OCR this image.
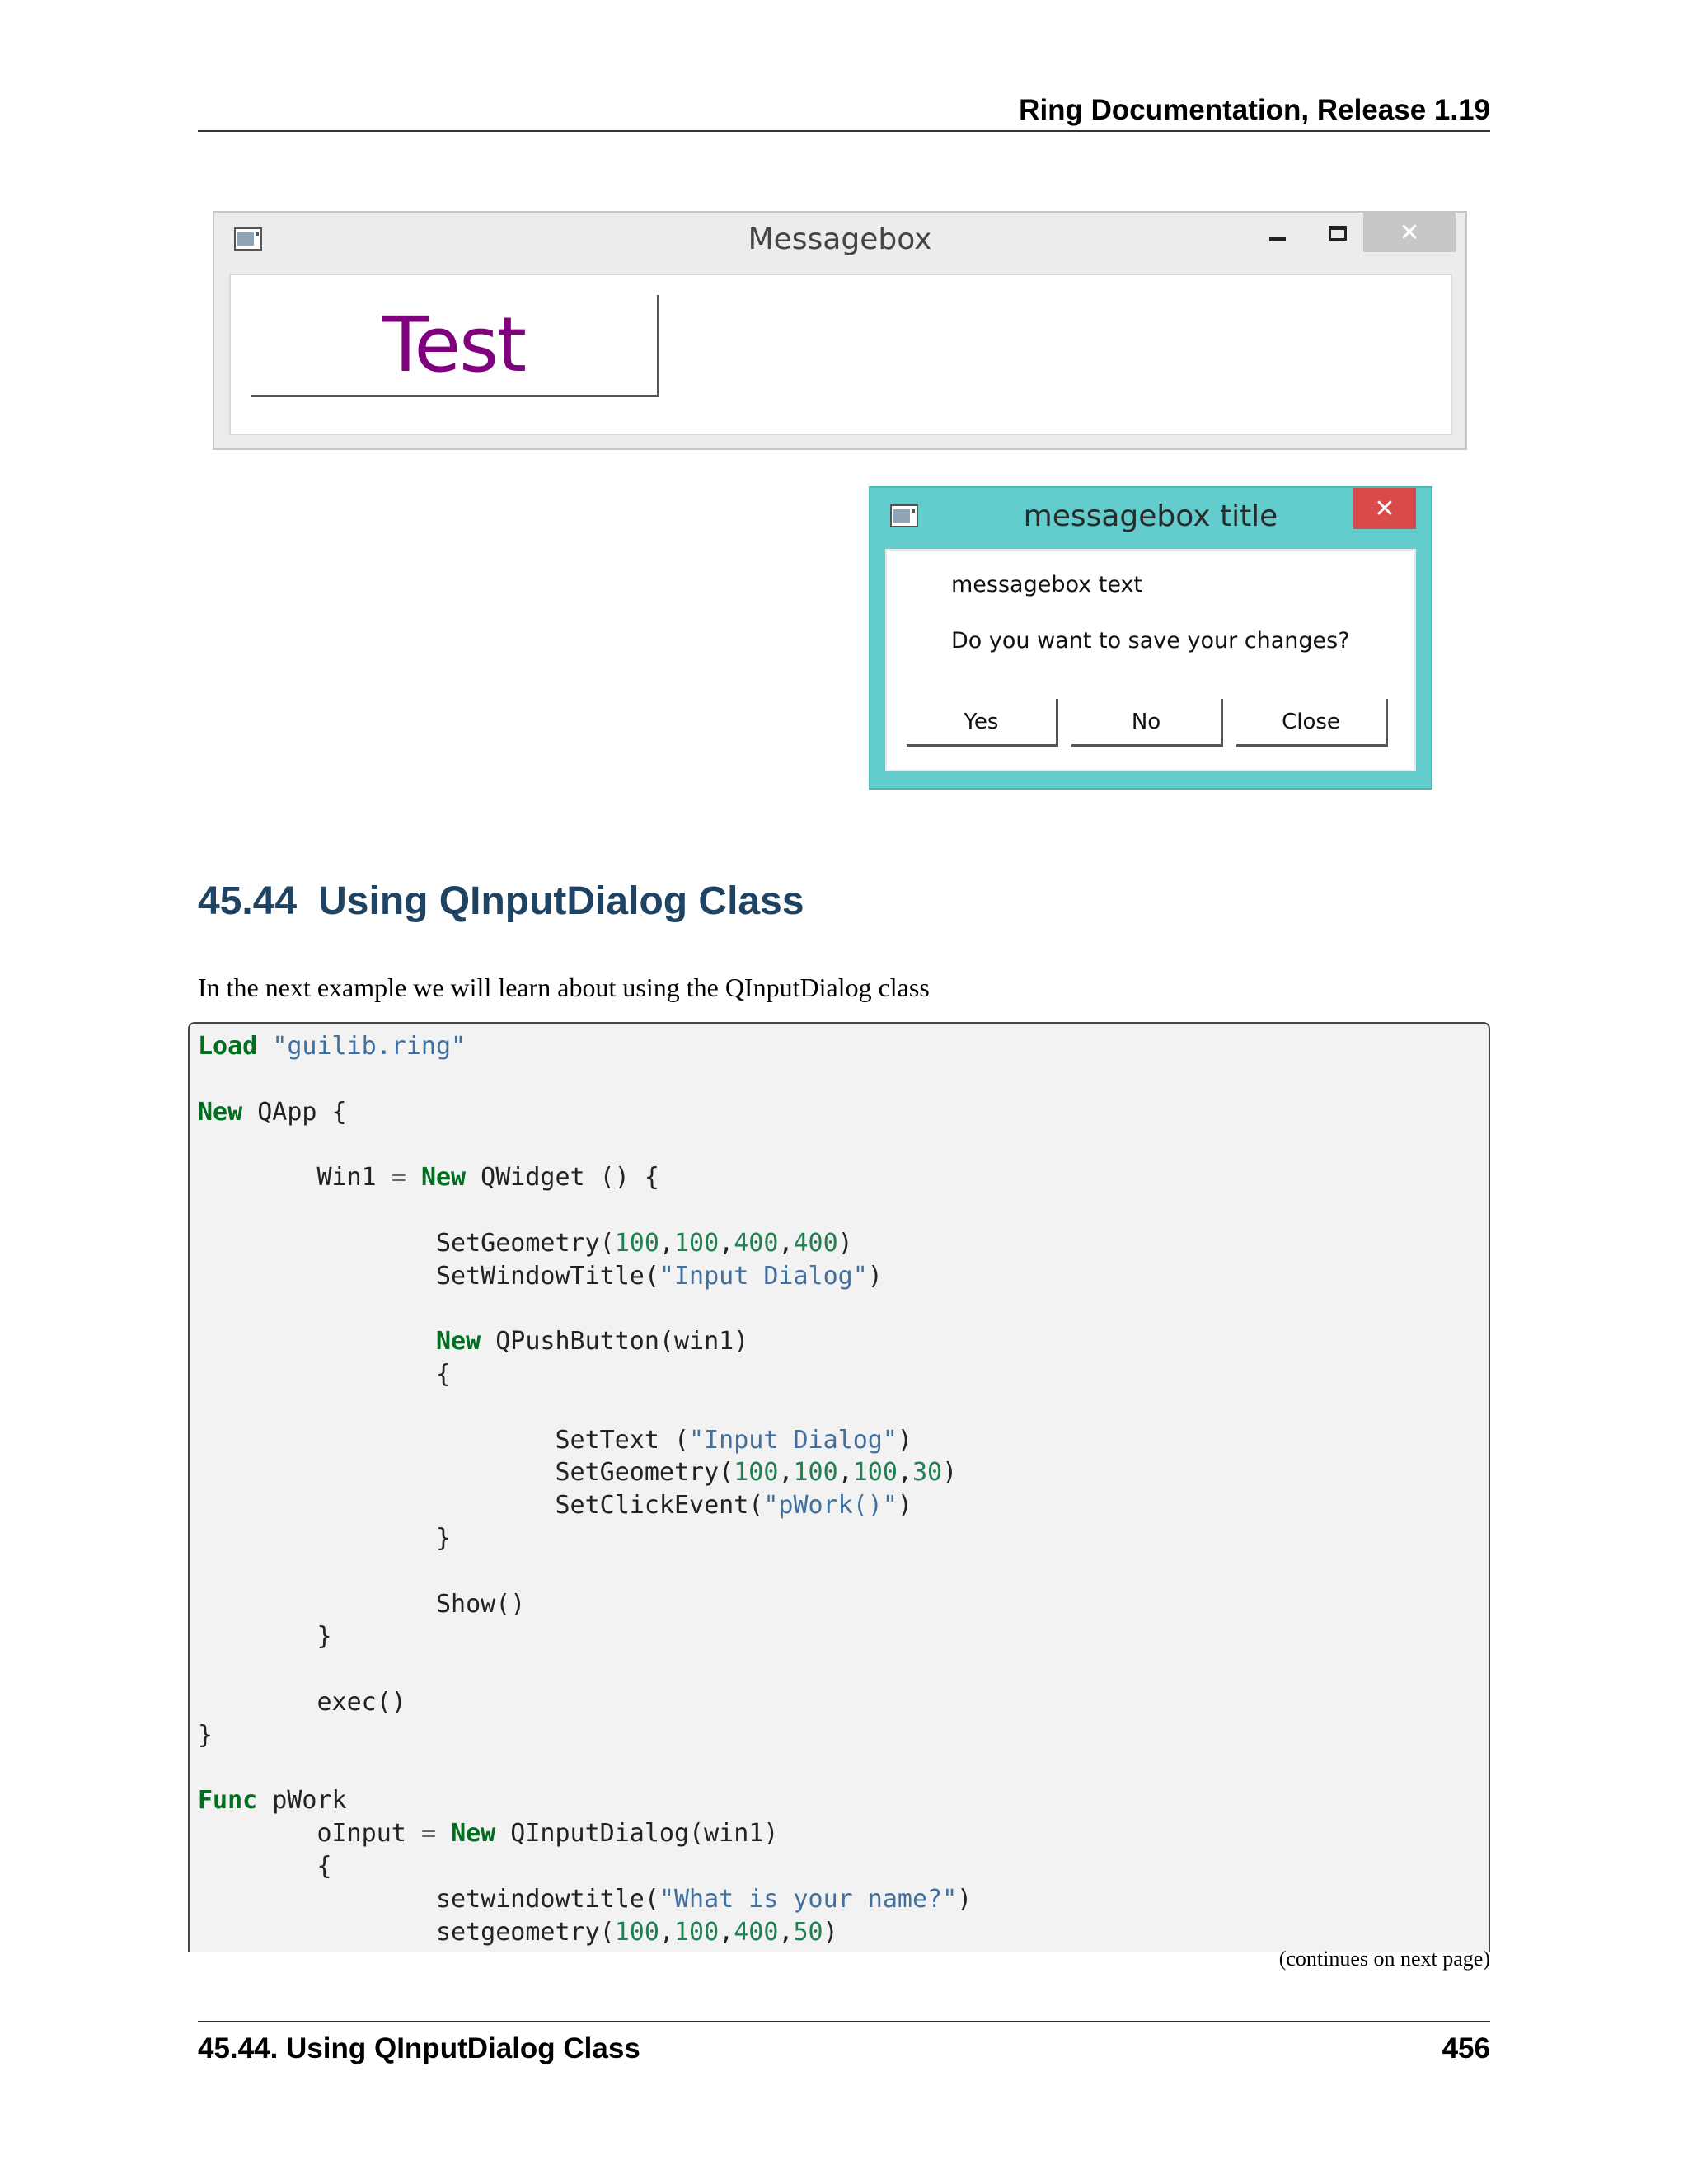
Ring Documentation, Release 1.19
Messagebox	✕
Test
messagebox title	✕
messagebox text
Do you want to save your changes?
Yes	No	Close
45.44 Using QInputDialog Class
In the next example we will learn about using the QInputDialog class
Load "guilib.ring"

New QApp {

Win1 = New QWidget () {

SetGeometry(100,100,400,400)
SetWindowTitle("Input Dialog")

New QPushButton(win1)
{

SetText ("Input Dialog")
SetGeometry(100,100,100,30)
SetClickEvent("pWork()")
}

Show()
}

exec()
}

Func pWork
oInput = New QInputDialog(win1)
{
setwindowtitle("What is your name?")
setgeometry(100,100,400,50)
(continues on next page)
45.44. Using QInputDialog Class	456
